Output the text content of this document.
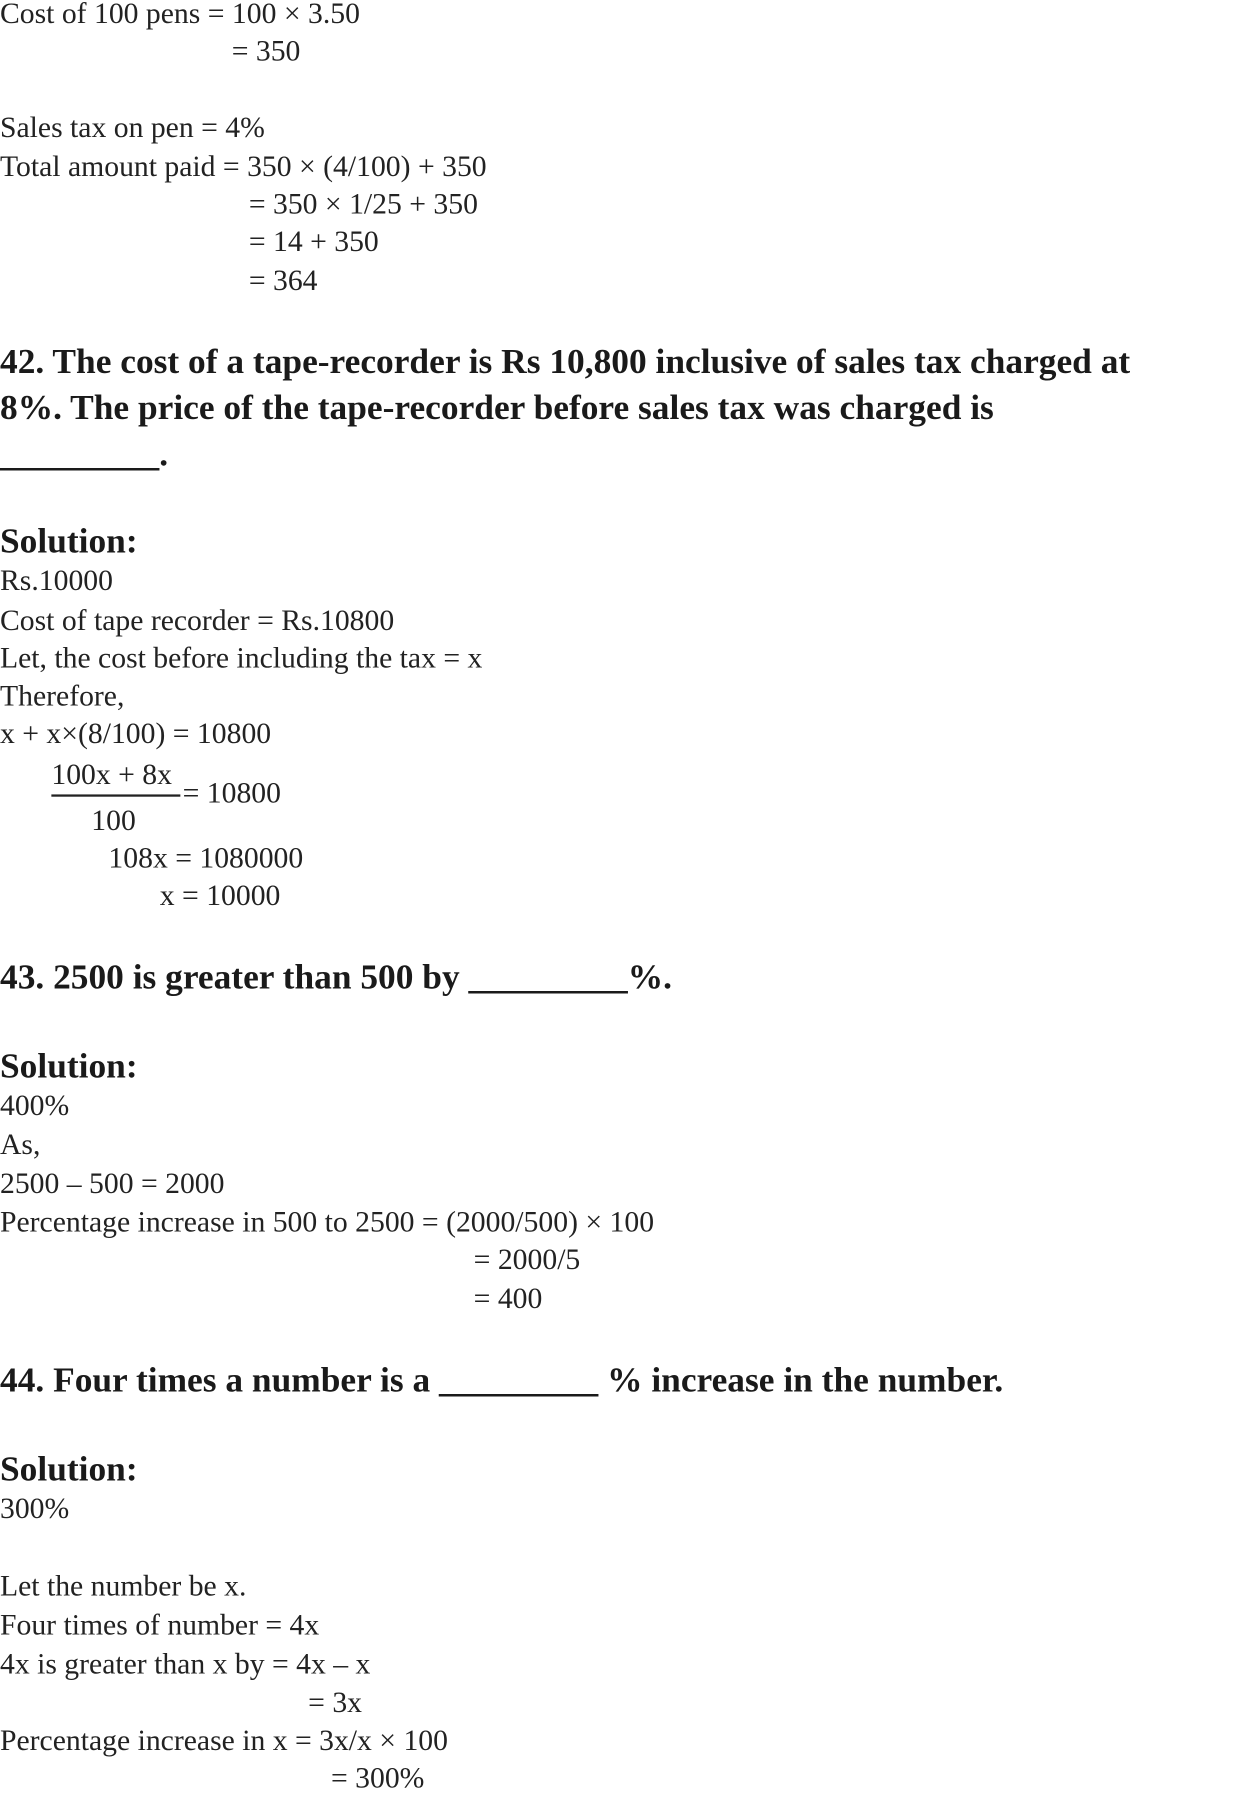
Cost of 100 pens = 100 × 3.50
= 350
Sales tax on pen = 4%
Total amount paid = 350 × (4/100) + 350
= 350 × 1/25 + 350
= 14 + 350
= 364
42. The cost of a tape-recorder is Rs 10,800 inclusive of sales tax charged at
8%. The price of the tape-recorder before sales tax was charged is
_________.
Solution:
Rs.10000
Cost of tape recorder = Rs.10800
Let, the cost before including the tax = x
Therefore,
x + x×(8/100) = 10800
100x + 8x
= 10800
100
108x = 1080000
x = 10000
43. 2500 is greater than 500 by _________%.
Solution:
400%
As,
2500 – 500 = 2000
Percentage increase in 500 to 2500 = (2000/500) × 100
= 2000/5
= 400
44. Four times a number is a _________ % increase in the number.
Solution:
300%
Let the number be x.
Four times of number = 4x
4x is greater than x by = 4x – x
= 3x
Percentage increase in x = 3x/x × 100
= 300%
